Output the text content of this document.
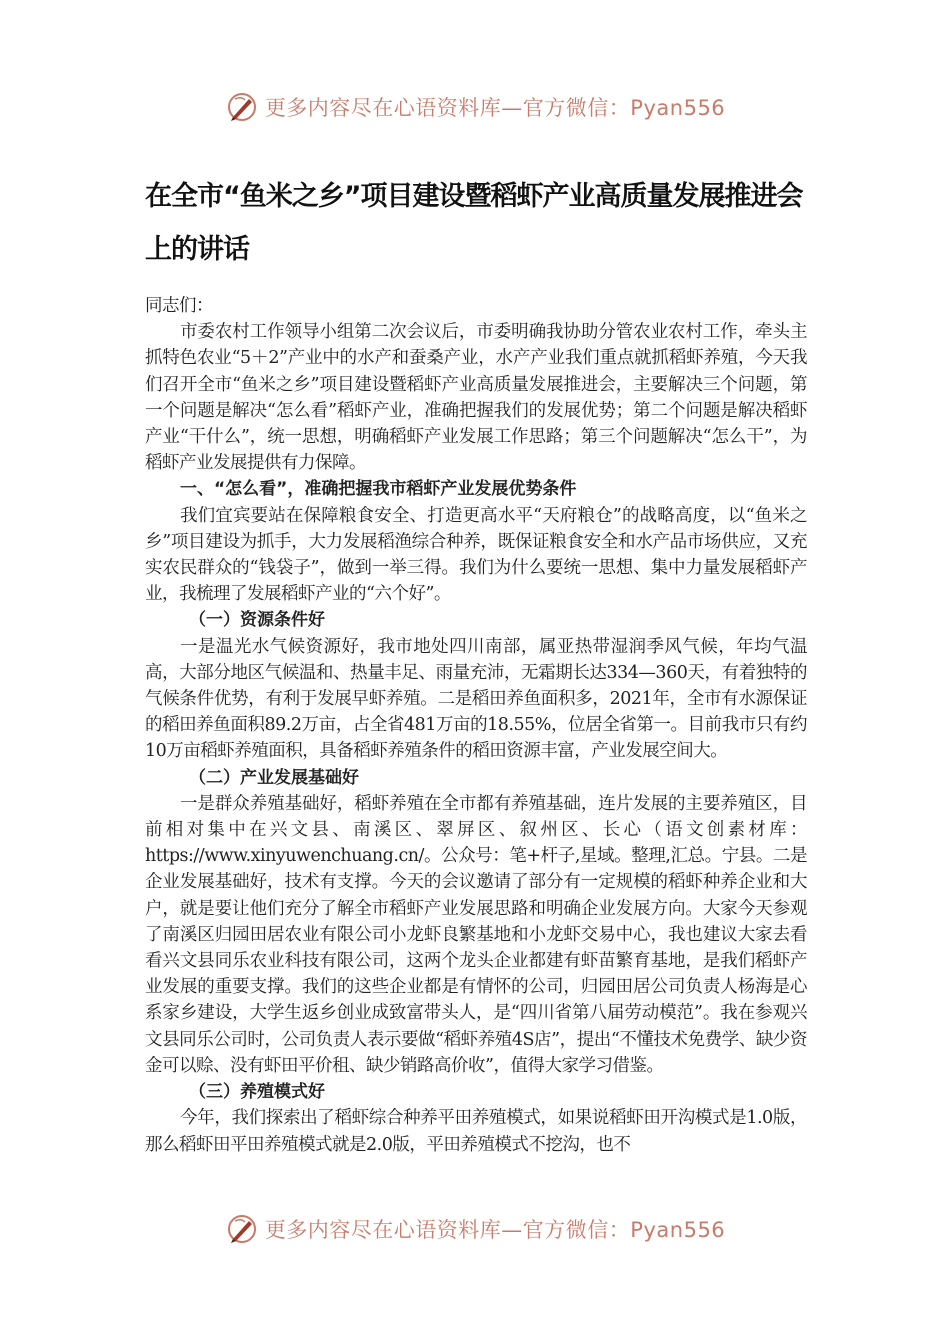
更多内容尽在心语资料库—官方微信：Pyan556
在全市“鱼米之乡”项目建设暨稻虾产业高质量发展推进会上的讲话

同志们：

市委农村工作领导小组第二次会议后，市委明确我协助分管农业农村工作，牵头主抓特色农业“5＋2”产业中的水产和蚕桑产业，水产产业我们重点就抓稻虾养殖，今天我们召开全市“鱼米之乡”项目建设暨稻虾产业高质量发展推进会，主要解决三个问题，第一个问题是解决“怎么看”稻虾产业，准确把握我们的发展优势；第二个问题是解决稻虾产业“干什么”，统一思想，明确稻虾产业发展工作思路；第三个问题解决“怎么干”，为稻虾产业发展提供有力保障。

一、“怎么看”，准确把握我市稻虾产业发展优势条件

我们宜宾要站在保障粮食安全、打造更高水平“天府粮仓”的战略高度，以“鱼米之乡”项目建设为抓手，大力发展稻渔综合种养，既保证粮食安全和水产品市场供应，又充实农民群众的“钱袋子”，做到一举三得。我们为什么要统一思想、集中力量发展稻虾产业，我梳理了发展稻虾产业的“六个好”。

（一）资源条件好

一是温光水气候资源好，我市地处四川南部，属亚热带湿润季风气候，年均气温高，大部分地区气候温和、热量丰足、雨量充沛，无霜期长达334—360天，有着独特的气候条件优势，有利于发展早虾养殖。二是稻田养鱼面积多，2021年，全市有水源保证的稻田养鱼面积89.2万亩，占全省481万亩的18.55%，位居全省第一。目前我市只有约10万亩稻虾养殖面积，具备稻虾养殖条件的稻田资源丰富，产业发展空间大。

（二）产业发展基础好

一是群众养殖基础好，稻虾养殖在全市都有养殖基础，连片发展的主要养殖区，目前相对集中在兴文县、南溪区、翠屏区、叙州区、长心（语文创素材库：https://www.xinyuwenchuang.cn/。公众号：笔+杆子,星域。整理,汇总。宁县。二是企业发展基础好，技术有支撑。今天的会议邀请了部分有一定规模的稻虾种养企业和大户，就是要让他们充分了解全市稻虾产业发展思路和明确企业发展方向。大家今天参观了南溪区归园田居农业有限公司小龙虾良繁基地和小龙虾交易中心，我也建议大家去看看兴文县同乐农业科技有限公司，这两个龙头企业都建有虾苗繁育基地，是我们稻虾产业发展的重要支撑。我们的这些企业都是有情怀的公司，归园田居公司负责人杨海是心系家乡建设，大学生返乡创业成致富带头人，是“四川省第八届劳动模范”。我在参观兴文县同乐公司时，公司负责人表示要做“稻虾养殖4S店”，提出“不懂技术免费学、缺少资金可以赊、没有虾田平价租、缺少销路高价收”，值得大家学习借鉴。

（三）养殖模式好

今年，我们探索出了稻虾综合种养平田养殖模式，如果说稻虾田开沟模式是1.0版，那么稻虾田平田养殖模式就是2.0版，平田养殖模式不挖沟，也不

更多内容尽在心语资料库—官方微信：Pyan556
